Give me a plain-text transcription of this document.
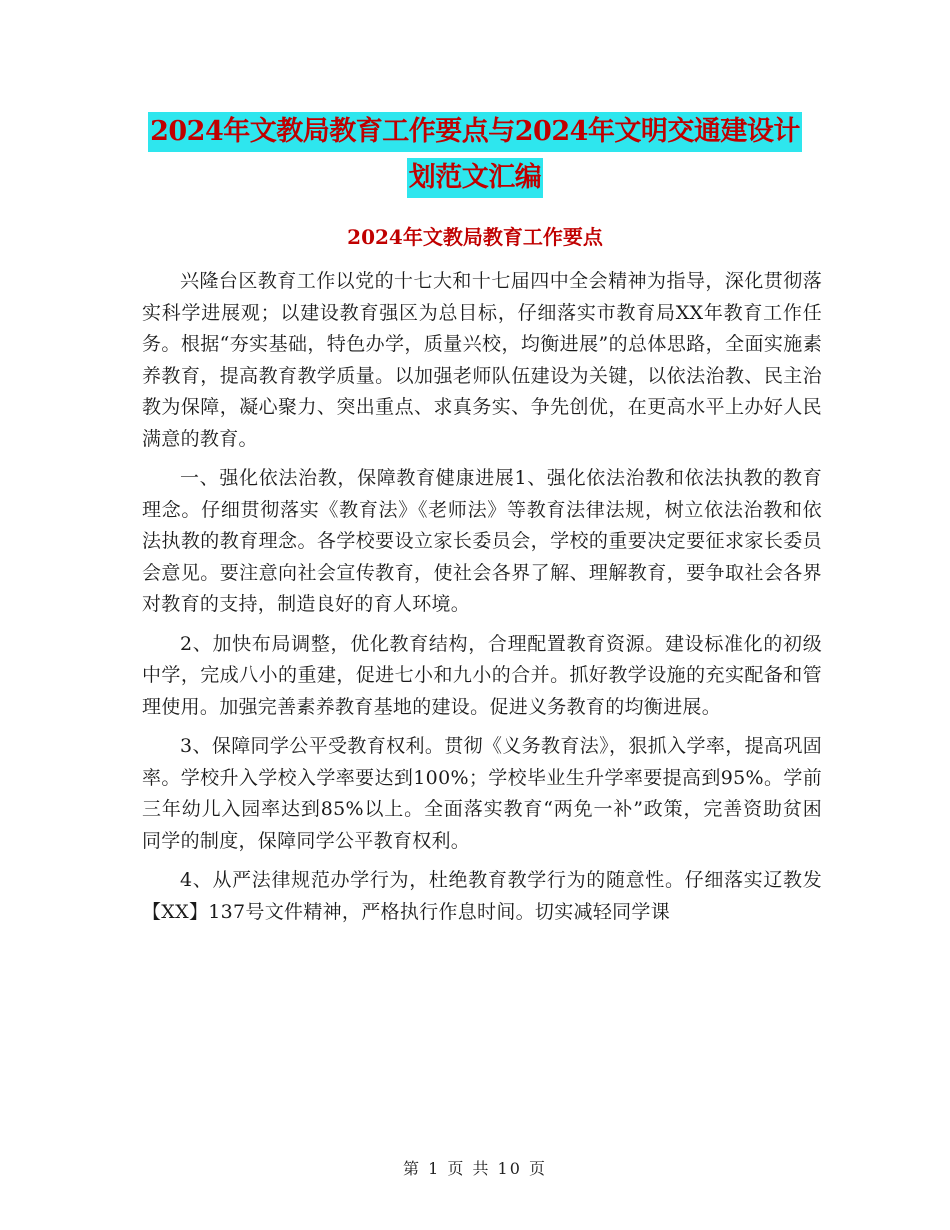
2024年文教局教育工作要点与2024年文明交通建设计
划范文汇编
2024年文教局教育工作要点

兴隆台区教育工作以党的十七大和十七届四中全会精神为指导，深化贯彻落实科学进展观；以建设教育强区为总目标，仔细落实市教育局XX年教育工作任务。根据“夯实基础，特色办学，质量兴校，均衡进展”的总体思路，全面实施素养教育，提高教育教学质量。以加强老师队伍建设为关键，以依法治教、民主治教为保障，凝心聚力、突出重点、求真务实、争先创优，在更高水平上办好人民满意的教育。

一、强化依法治教，保障教育健康进展1、强化依法治教和依法执教的教育理念。仔细贯彻落实《教育法》《老师法》等教育法律法规，树立依法治教和依法执教的教育理念。各学校要设立家长委员会，学校的重要决定要征求家长委员会意见。要注意向社会宣传教育，使社会各界了解、理解教育，要争取社会各界对教育的支持，制造良好的育人环境。

2、加快布局调整，优化教育结构，合理配置教育资源。建设标准化的初级中学，完成八小的重建，促进七小和九小的合并。抓好教学设施的充实配备和管理使用。加强完善素养教育基地的建设。促进义务教育的均衡进展。

3、保障同学公平受教育权利。贯彻《义务教育法》，狠抓入学率，提高巩固率。学校升入学校入学率要达到100%；学校毕业生升学率要提高到95%。学前三年幼儿入园率达到85%以上。全面落实教育“两免一补”政策，完善资助贫困同学的制度，保障同学公平教育权利。

4、从严法律规范办学行为，杜绝教育教学行为的随意性。仔细落实辽教发【XX】137号文件精神，严格执行作息时间。切实减轻同学课

第 1 页 共 10 页
